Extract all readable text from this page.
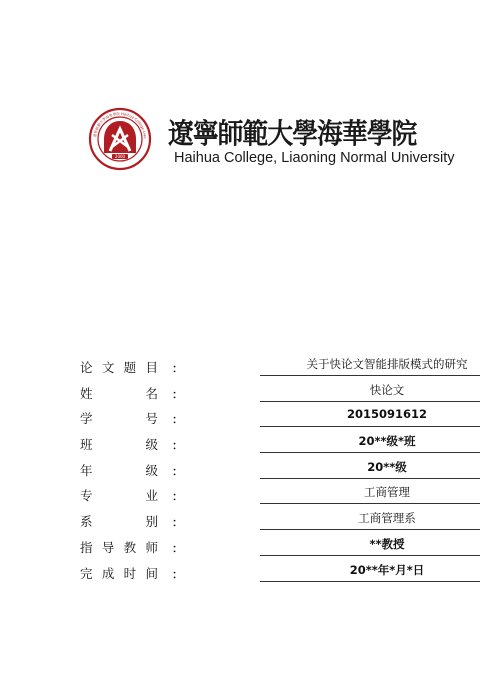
2000
遼寧師範大學海華學院 Haihua College Liao 遼寧師範大學海華學院
Haihua College, Liaoning Normal University
论 文 题 目 ：	关于快论文智能排版模式的研究
姓	名 ：	快论文
学	号 ：	2015091612
班	级 ：	20**级*班
年	级 ：	20**级
专	业 ：	工商管理
系	别 ：	工商管理系
指 导 教 师 ：	**教授
完 成 时 间 ：	20**年*月*日
